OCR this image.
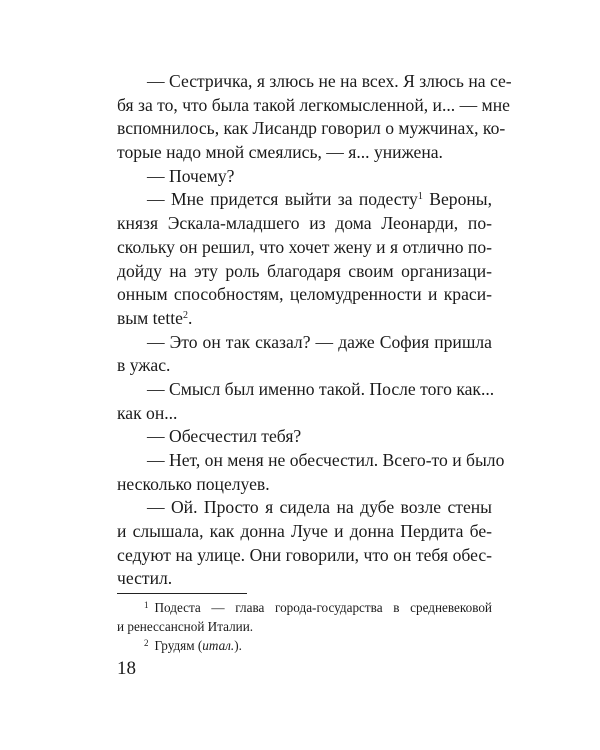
— Сестричка, я злюсь не на всех. Я злюсь на се-
бя за то, что была такой легкомысленной, и... — мне
вспомнилось, как Лисандр говорил о мужчинах, ко-
торые надо мной смеялись, — я... унижена.
— Почему?
— Мне придется выйти за подесту$^1$ Вероны,
князя Эскала-младшего из дома Леонарди, по-
скольку он решил, что хочет жену и я отлично по-
дойду на эту роль благодаря своим организаци-
онным способностям, целомудренности и краси-
вым tette$^2$.
— Это он так сказал? — даже София пришла
в ужас.
— Смысл был именно такой. После того как...
как он...
— Обесчестил тебя?
— Нет, он меня не обесчестил. Всего-то и было
несколько поцелуев.
— Ой. Просто я сидела на дубе возле стены
и слышала, как донна Луче и донна Пердита бе-
седуют на улице. Они говорили, что он тебя обес-
честил.
$^1$ Подеста — глава города-государства в средневековой
и ренессансной Италии.
$^2$ Грудям (итал.).
18
